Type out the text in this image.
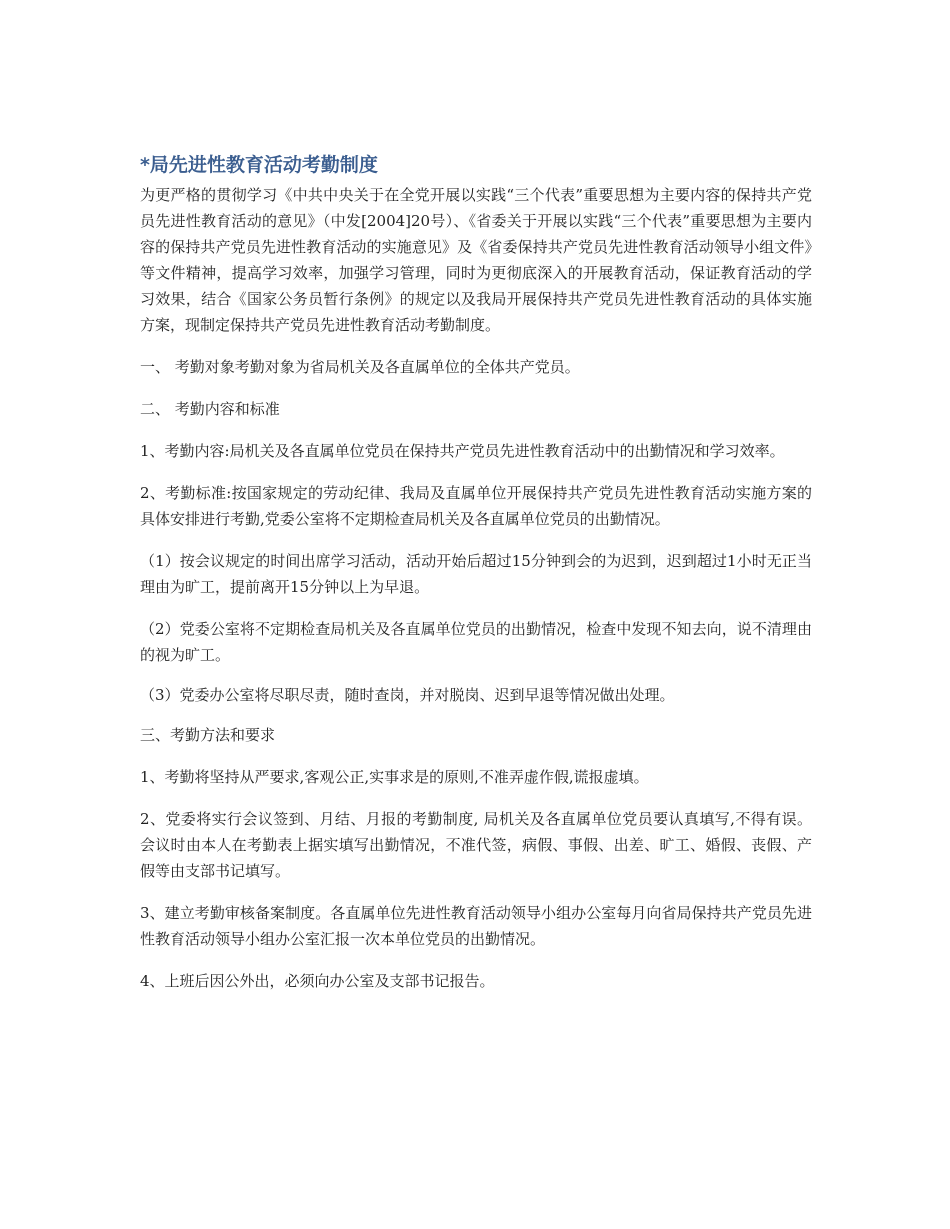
*局先进性教育活动考勤制度

为更严格的贯彻学习《中共中央关于在全党开展以实践“三个代表”重要思想为主要内容的保持共产党员先进性教育活动的意见》（中发[2004]20号）、《省委关于开展以实践“三个代表”重要思想为主要内容的保持共产党员先进性教育活动的实施意见》及《省委保持共产党员先进性教育活动领导小组文件》等文件精神，提高学习效率，加强学习管理，同时为更彻底深入的开展教育活动，保证教育活动的学习效果，结合《国家公务员暂行条例》的规定以及我局开展保持共产党员先进性教育活动的具体实施方案，现制定保持共产党员先进性教育活动考勤制度。

一、 考勤对象考勤对象为省局机关及各直属单位的全体共产党员。

二、 考勤内容和标准

1、考勤内容:局机关及各直属单位党员在保持共产党员先进性教育活动中的出勤情况和学习效率。

2、考勤标准:按国家规定的劳动纪律、我局及直属单位开展保持共产党员先进性教育活动实施方案的具体安排进行考勤,党委公室将不定期检查局机关及各直属单位党员的出勤情况。

（1）按会议规定的时间出席学习活动，活动开始后超过15分钟到会的为迟到，迟到超过1小时无正当理由为旷工，提前离开15分钟以上为早退。

（2）党委公室将不定期检查局机关及各直属单位党员的出勤情况，检查中发现不知去向，说不清理由的视为旷工。

（3）党委办公室将尽职尽责，随时查岗，并对脱岗、迟到早退等情况做出处理。

三、考勤方法和要求

1、考勤将坚持从严要求,客观公正,实事求是的原则,不准弄虚作假,谎报虚填。

2、党委将实行会议签到、月结、月报的考勤制度, 局机关及各直属单位党员要认真填写,不得有误。 会议时由本人在考勤表上据实填写出勤情况，不准代签，病假、事假、出差、旷工、婚假、丧假、产假等由支部书记填写。

3、建立考勤审核备案制度。各直属单位先进性教育活动领导小组办公室每月向省局保持共产党员先进性教育活动领导小组办公室汇报一次本单位党员的出勤情况。

4、上班后因公外出，必须向办公室及支部书记报告。
